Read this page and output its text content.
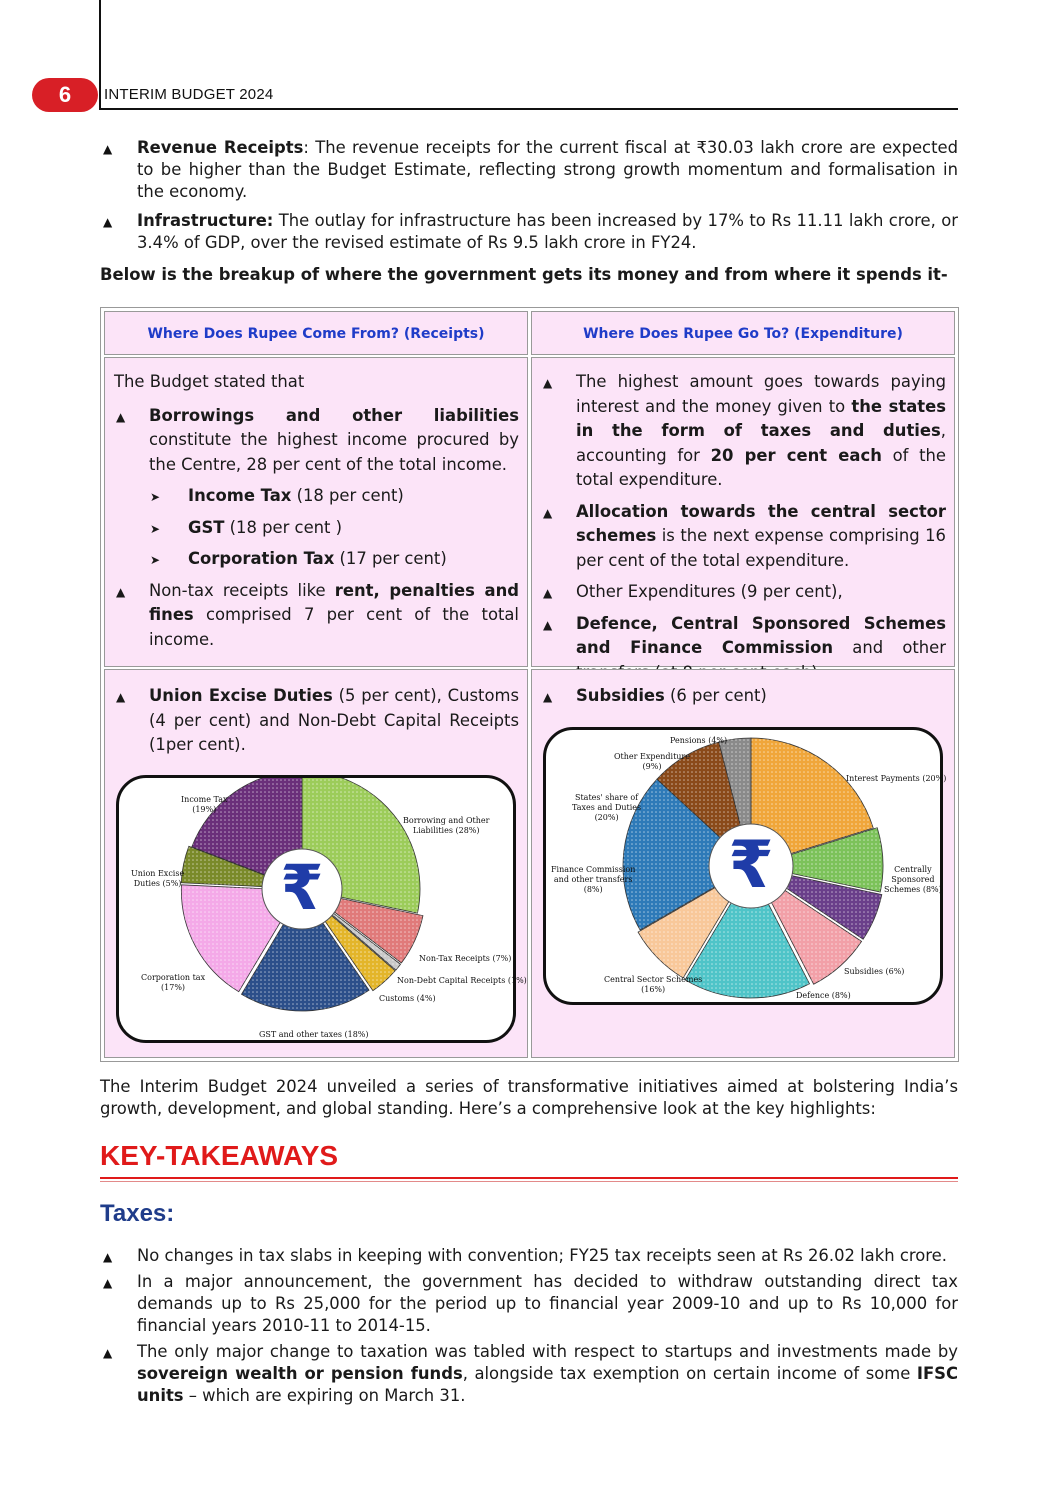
6	INTERIM BUDGET 2024
▲ Revenue Receipts: The revenue receipts for the current fiscal at ₹30.03 lakh crore are expected to be higher than the Budget Estimate, reflecting strong growth momentum and formalisation in the economy.
▲ Infrastructure: The outlay for infrastructure has been increased by 17% to Rs 11.11 lakh crore, or 3.4% of GDP, over the revised estimate of Rs 9.5 lakh crore in FY24.
Below is the breakup of where the government gets its money and from where it spends it-
Where Does Rupee Come From? (Receipts)	Where Does Rupee Go To? (Expenditure)
The Budget stated that
▲ Borrowings and other liabilities constitute the highest income procured by the Centre, 28 per cent of the total income.
➤ Income Tax (18 per cent)
➤ GST (18 per cent )
➤ Corporation Tax (17 per cent)
▲ Non-tax receipts like rent, penalties and fines comprised 7 per cent of the total income.
▲ The highest amount goes towards paying interest and the money given to the states in the form of taxes and duties, accounting for 20 per cent each of the total expenditure.
▲ Allocation towards the central sector schemes is the next expense comprising 16 per cent of the total expenditure.
▲ Other Expenditures (9 per cent),
▲ Defence, Central Sponsored Schemes and Finance Commission and other
▲ Union Excise Duties (5 per cent), Customs (4 per cent) and Non-Debt Capital Receipts (1per cent).
▲ Subsidies (6 per cent)
₹
Income Tax
(19%)
Borrowing and Other
Liabilities (28%)
Union Excise
Duties (5%)
Non-Tax Receipts (7%)
Non-Debt Capital Receipts (1%)
Customs (4%)
Corporation tax
(17%)
GST and other taxes (18%)
₹
Pensions (4%)
Other Expenditure
(9%)
States' share of
Taxes and Duties
(20%)
Interest Payments (20%)
Centrally
Sponsored
Schemes (8%)
Finance Commission
and other transfers
(8%)
Subsidies (6%)
Central Sector Schemes
(16%)
Defence (8%)
The Interim Budget 2024 unveiled a series of transformative initiatives aimed at bolstering India’s growth, development, and global standing. Here’s a comprehensive look at the key highlights:
KEY-TAKEAWAYS
Taxes:
▲ No changes in tax slabs in keeping with convention; FY25 tax receipts seen at Rs 26.02 lakh crore.
▲ In a major announcement, the government has decided to withdraw outstanding direct tax demands up to Rs 25,000 for the period up to financial year 2009-10 and up to Rs 10,000 for financial years 2010-11 to 2014-15.
▲ The only major change to taxation was tabled with respect to startups and investments made by sovereign wealth or pension funds, alongside tax exemption on certain income of some IFSC units – which are expiring on March 31.
